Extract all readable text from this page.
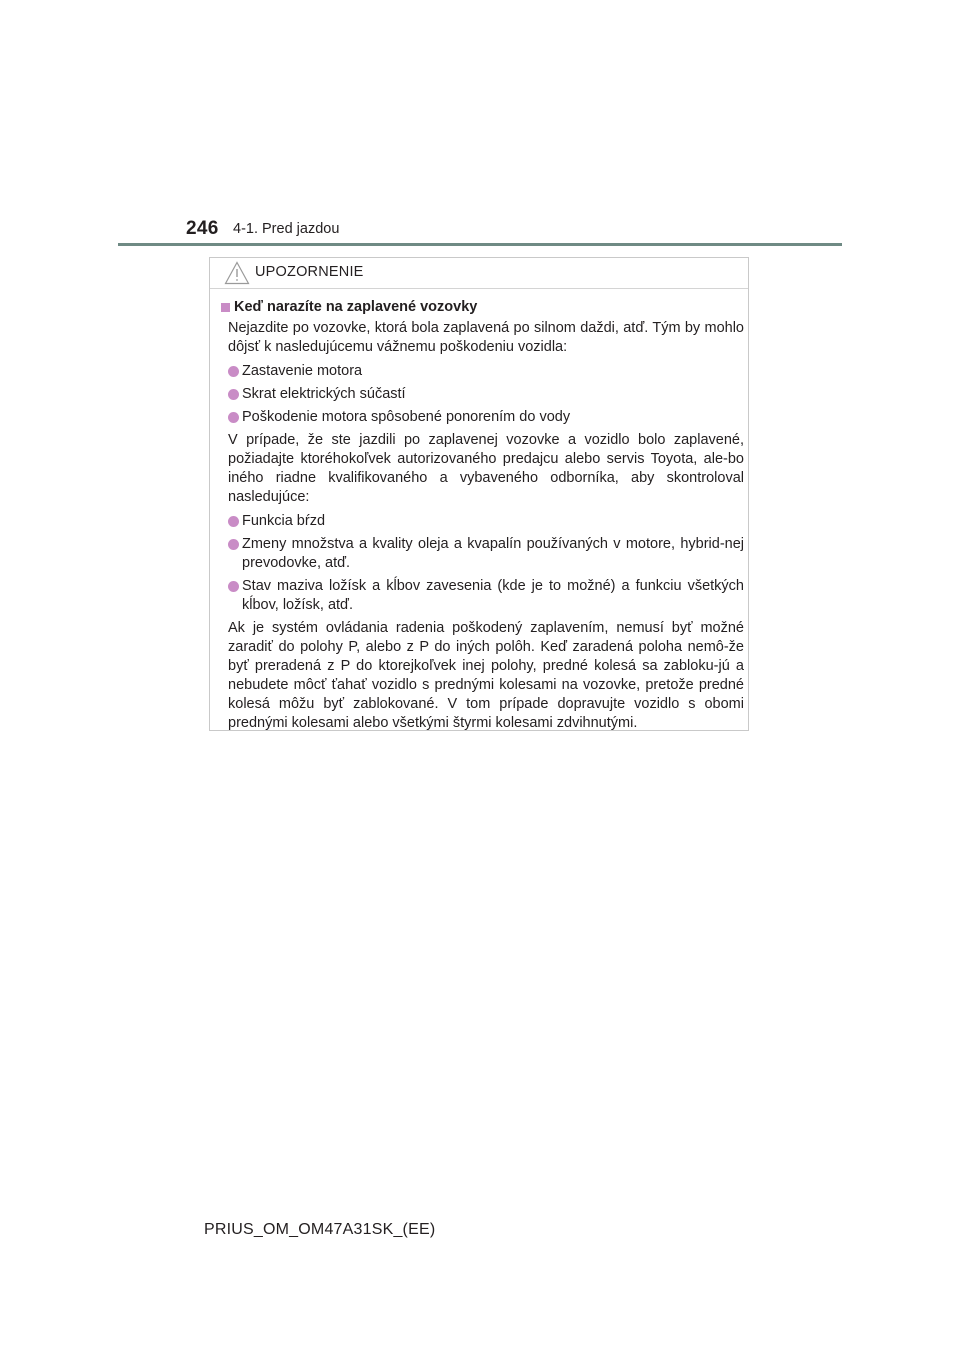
246 4-1. Pred jazdou
UPOZORNENIE
Keď narazíte na zaplavené vozovky

Nejazdite po vozovke, ktorá bola zaplavená po silnom daždi, atď. Tým by mohlo dôjsť k nasledujúcemu vážnemu poškodeniu vozidla:

Zastavenie motora
Skrat elektrických súčastí
Poškodenie motora spôsobené ponorením do vody

V prípade, že ste jazdili po zaplavenej vozovke a vozidlo bolo zaplavené, požiadajte ktoréhokoľvek autorizovaného predajcu alebo servis Toyota, ale-bo iného riadne kvalifikovaného a vybaveného odborníka, aby skontroloval nasledujúce:

Funkcia bŕzd
Zmeny množstva a kvality oleja a kvapalín používaných v motore, hybrid-nej prevodovke, atď.
Stav maziva ložísk a kĺbov zavesenia (kde je to možné) a funkciu všetkých kĺbov, ložísk, atď.

Ak je systém ovládania radenia poškodený zaplavením, nemusí byť možné zaradiť do polohy P, alebo z P do iných polôh. Keď zaradená poloha nemô-že byť preradená z P do ktorejkoľvek inej polohy, predné kolesá sa zabloku-jú a nebudete môcť ťahať vozidlo s prednými kolesami na vozovke, pretože predné kolesá môžu byť zablokované. V tom prípade dopravujte vozidlo s obomi prednými kolesami alebo všetkými štyrmi kolesami zdvihnutými.

PRIUS_OM_OM47A31SK_(EE)
